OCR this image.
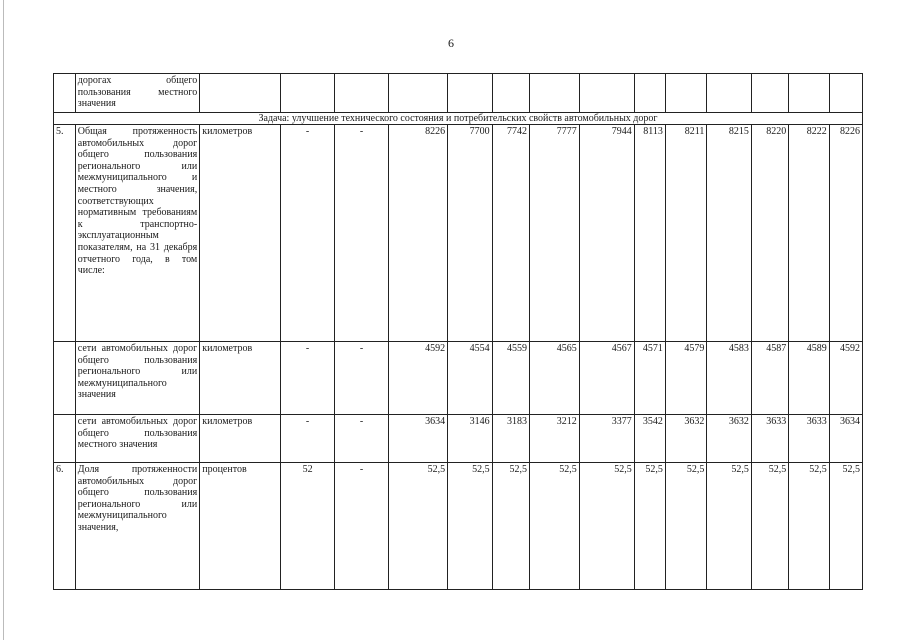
6
	дорогах общего пользования местного значения														
Задача: улучшение технического состояния и потребительских свойств автомобильных дорог															
5.	Общая протяженность автомобильных дорог общего пользования регионального или межмуниципального и местного значения, соответствующих нормативным требованиям к транспортно-эксплуатационным показателям, на 31 декабря отчетного года, в том числе:	километров	-	-	8226	7700	7742	7777	7944	8113	8211	8215	8220	8222	8226
	сети автомобильных дорог общего пользования регионального или межмуниципального значения	километров	-	-	4592	4554	4559	4565	4567	4571	4579	4583	4587	4589	4592
	сети автомобильных дорог общего пользования местного значения	километров	-	-	3634	3146	3183	3212	3377	3542	3632	3632	3633	3633	3634
6.	Доля протяженности автомобильных дорог общего пользования регионального или межмуниципального значения,	процентов	52	-	52,5	52,5	52,5	52,5	52,5	52,5	52,5	52,5	52,5	52,5	52,5
